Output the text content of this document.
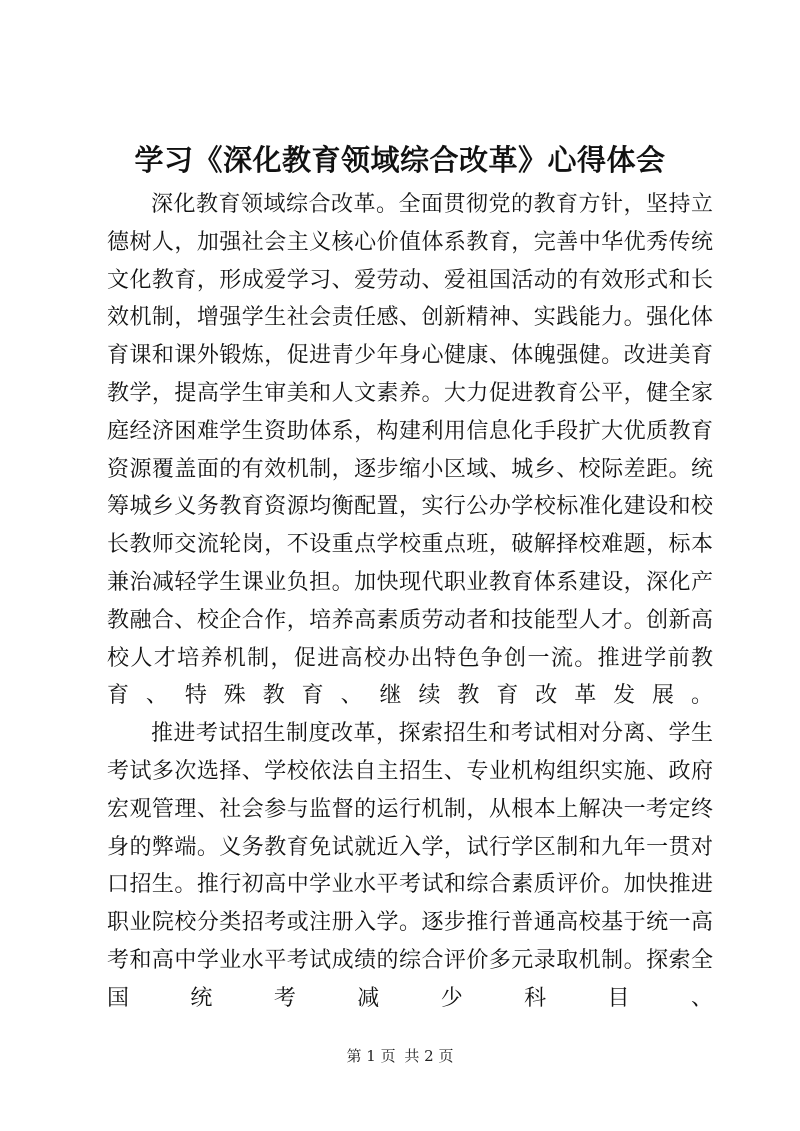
学习《深化教育领域综合改革》心得体会

深化教育领域综合改革。全面贯彻党的教育方针，坚持立德树人，加强社会主义核心价值体系教育，完善中华优秀传统文化教育，形成爱学习、爱劳动、爱祖国活动的有效形式和长效机制，增强学生社会责任感、创新精神、实践能力。强化体育课和课外锻炼，促进青少年身心健康、体魄强健。改进美育教学，提高学生审美和人文素养。大力促进教育公平，健全家庭经济困难学生资助体系，构建利用信息化手段扩大优质教育资源覆盖面的有效机制，逐步缩小区域、城乡、校际差距。统筹城乡义务教育资源均衡配置，实行公办学校标准化建设和校长教师交流轮岗，不设重点学校重点班，破解择校难题，标本兼治减轻学生课业负担。加快现代职业教育体系建设，深化产教融合、校企合作，培养高素质劳动者和技能型人才。创新高校人才培养机制，促进高校办出特色争创一流。推进学前教育、特殊教育、继续教育改革发展。

推进考试招生制度改革，探索招生和考试相对分离、学生考试多次选择、学校依法自主招生、专业机构组织实施、政府宏观管理、社会参与监督的运行机制，从根本上解决一考定终身的弊端。义务教育免试就近入学，试行学区制和九年一贯对口招生。推行初高中学业水平考试和综合素质评价。加快推进职业院校分类招考或注册入学。逐步推行普通高校基于统一高考和高中学业水平考试成绩的综合评价多元录取机制。探索全国统考减少科目、

第 1 页 共 2 页
